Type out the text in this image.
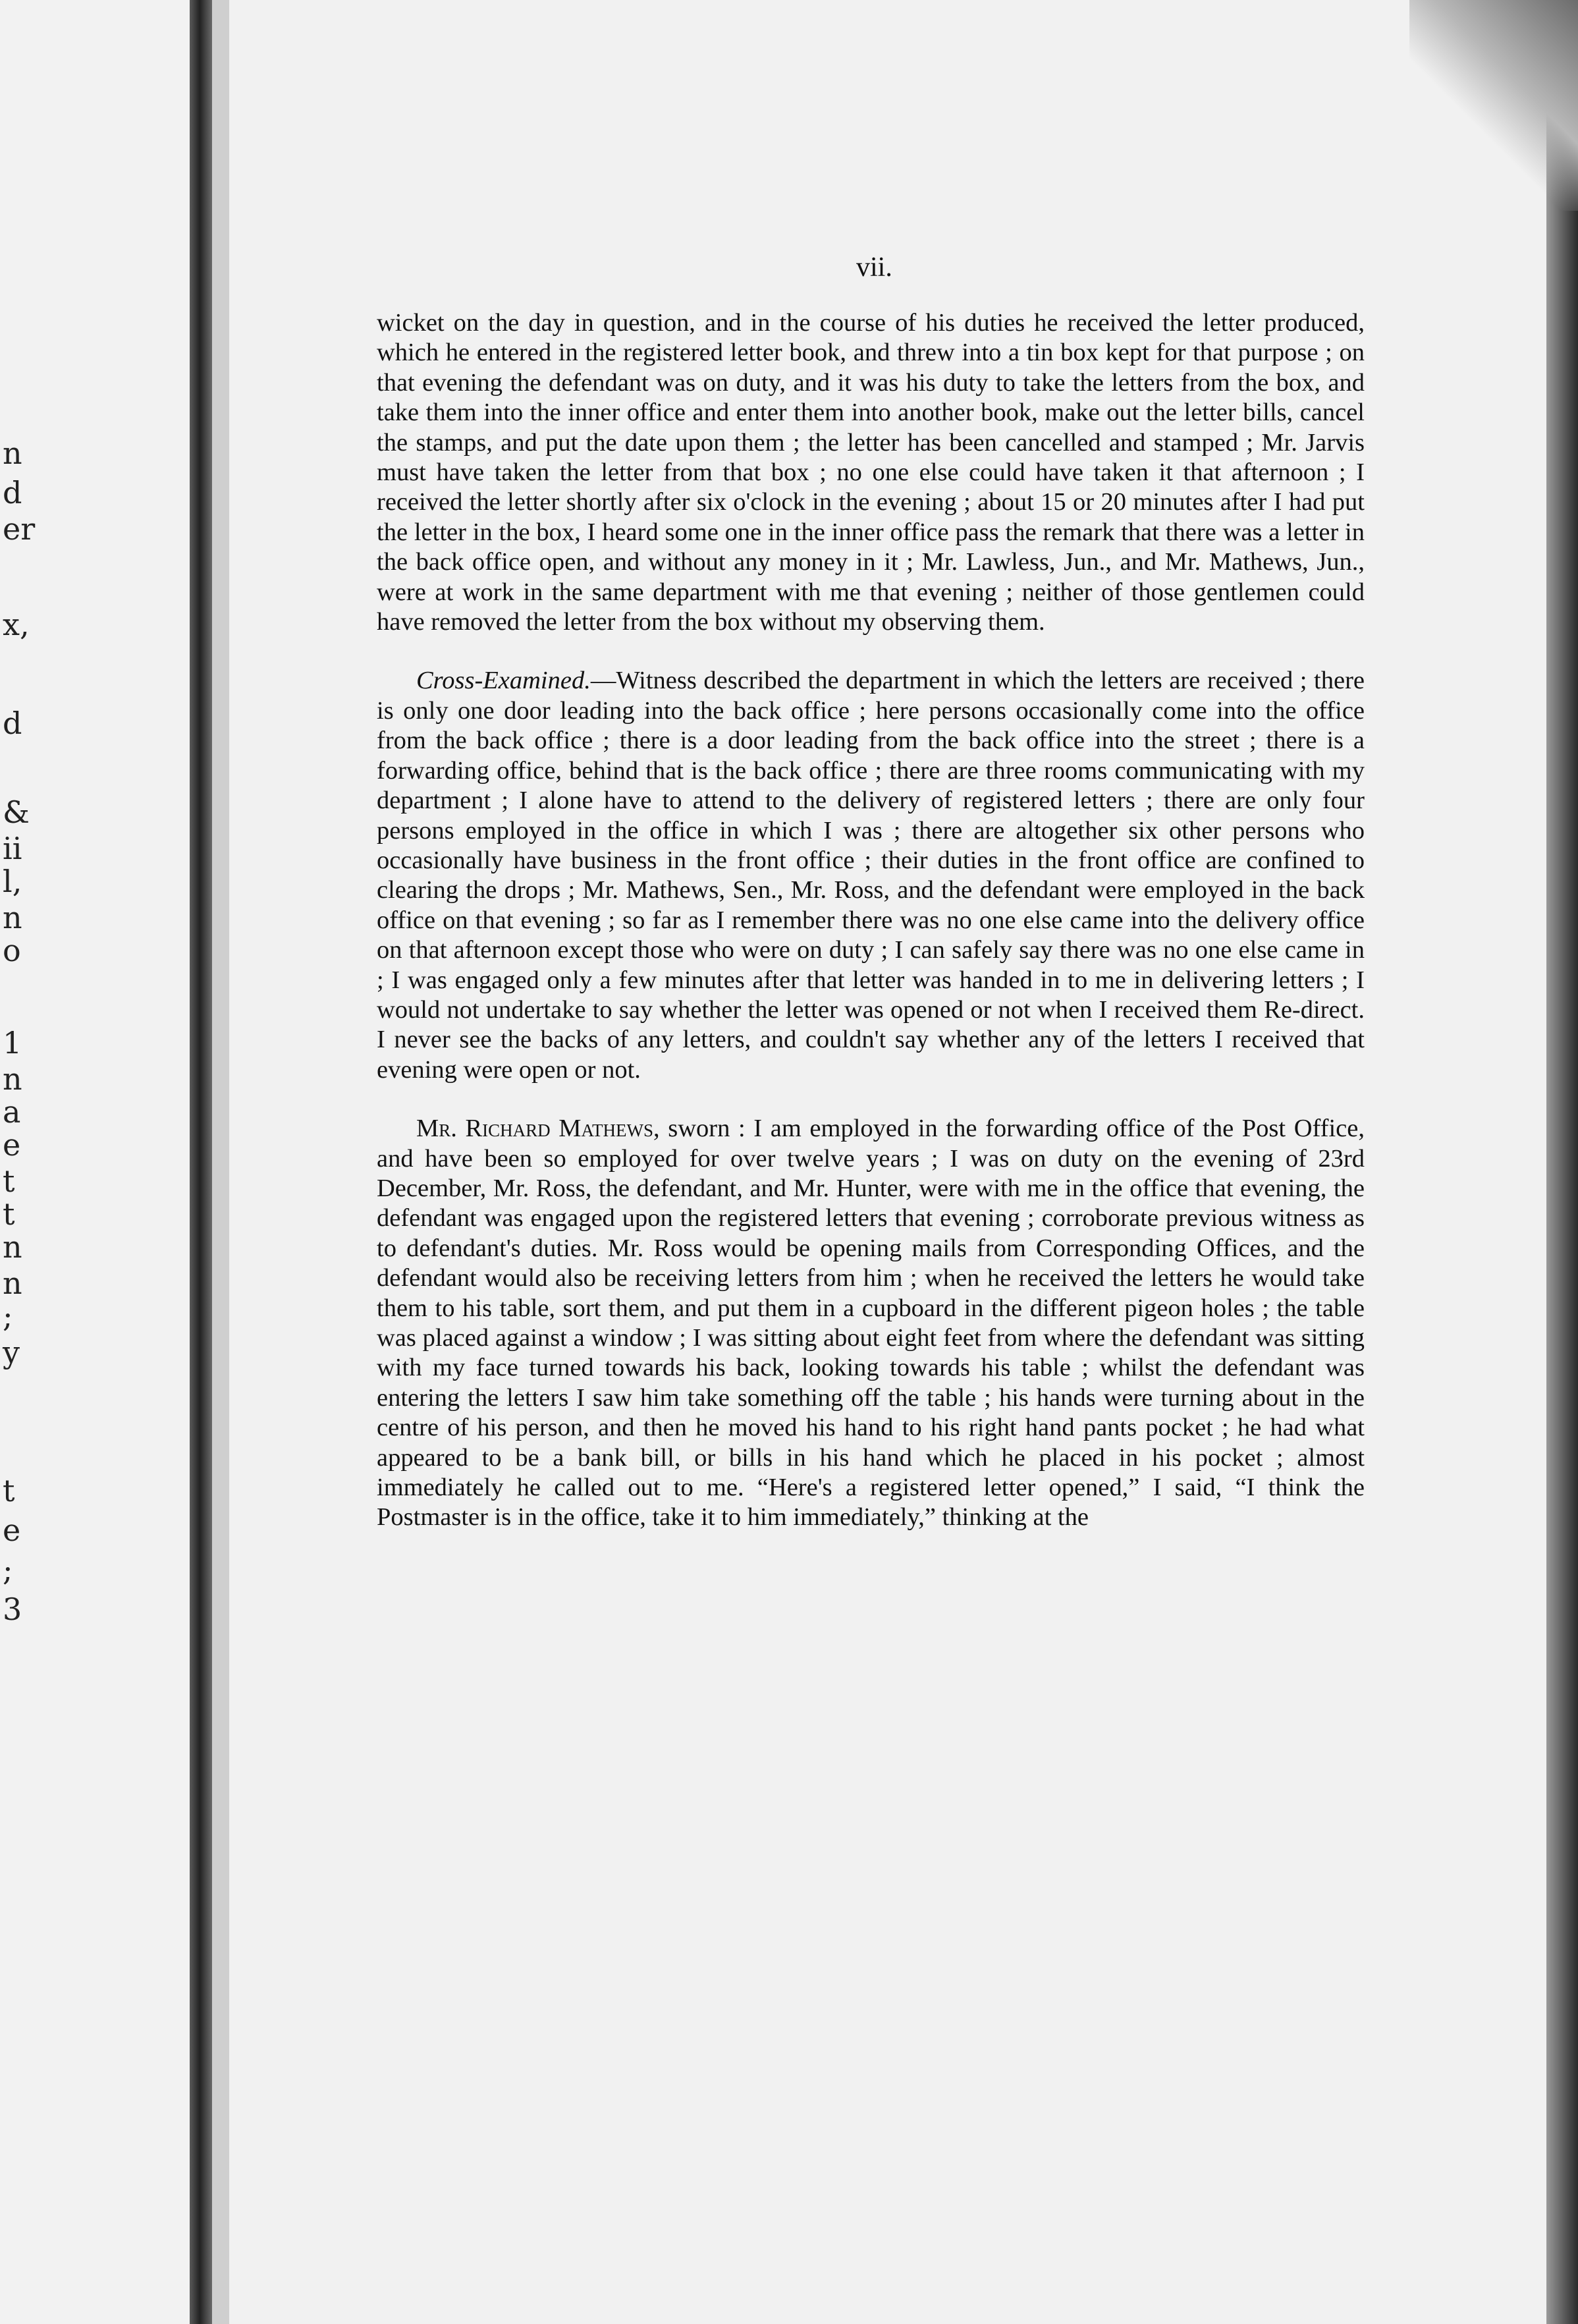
n
d
er
x,
d
&
ii
l,
n
o
1
n
a
e
t
t
n
n
;
y
t
e
;
3
vii.

wicket on the day in question, and in the course of his duties he received the letter produced, which he entered in the registered letter book, and threw into a tin box kept for that purpose ; on that evening the defendant was on duty, and it was his duty to take the letters from the box, and take them into the inner office and enter them into another book, make out the letter bills, cancel the stamps, and put the date upon them ; the letter has been cancelled and stamped ; Mr. Jarvis must have taken the letter from that box ; no one else could have taken it that afternoon ; I received the letter shortly after six o'clock in the evening ; about 15 or 20 minutes after I had put the letter in the box, I heard some one in the inner office pass the remark that there was a letter in the back office open, and without any money in it ; Mr. Lawless, Jun., and Mr. Mathews, Jun., were at work in the same department with me that evening ; neither of those gentlemen could have removed the letter from the box without my observing them.

Cross-Examined.—Witness described the department in which the letters are received ; there is only one door leading into the back office ; here persons occasionally come into the office from the back office ; there is a door leading from the back office into the street ; there is a forwarding office, behind that is the back office ; there are three rooms communicating with my department ; I alone have to attend to the delivery of registered letters ; there are only four persons employed in the office in which I was ; there are altogether six other persons who occasionally have business in the front office ; their duties in the front office are confined to clearing the drops ; Mr. Mathews, Sen., Mr. Ross, and the defendant were employed in the back office on that evening ; so far as I remember there was no one else came into the delivery office on that afternoon except those who were on duty ; I can safely say there was no one else came in ; I was engaged only a few minutes after that letter was handed in to me in delivering letters ; I would not undertake to say whether the letter was opened or not when I received them Re-direct. I never see the backs of any letters, and couldn't say whether any of the letters I received that evening were open or not.

Mr. Richard Mathews, sworn : I am employed in the forwarding office of the Post Office, and have been so employed for over twelve years ; I was on duty on the evening of 23rd December, Mr. Ross, the defendant, and Mr. Hunter, were with me in the office that evening, the defendant was engaged upon the registered letters that evening ; corroborate previous witness as to defendant's duties. Mr. Ross would be opening mails from Corresponding Offices, and the defendant would also be receiving letters from him ; when he received the letters he would take them to his table, sort them, and put them in a cupboard in the different pigeon holes ; the table was placed against a window ; I was sitting about eight feet from where the defendant was sitting with my face turned towards his back, looking towards his table ; whilst the defendant was entering the letters I saw him take something off the table ; his hands were turning about in the centre of his person, and then he moved his hand to his right hand pants pocket ; he had what appeared to be a bank bill, or bills in his hand which he placed in his pocket ; almost immediately he called out to me. “Here's a registered letter opened,” I said, “I think the Postmaster is in the office, take it to him immediately,” thinking at the
